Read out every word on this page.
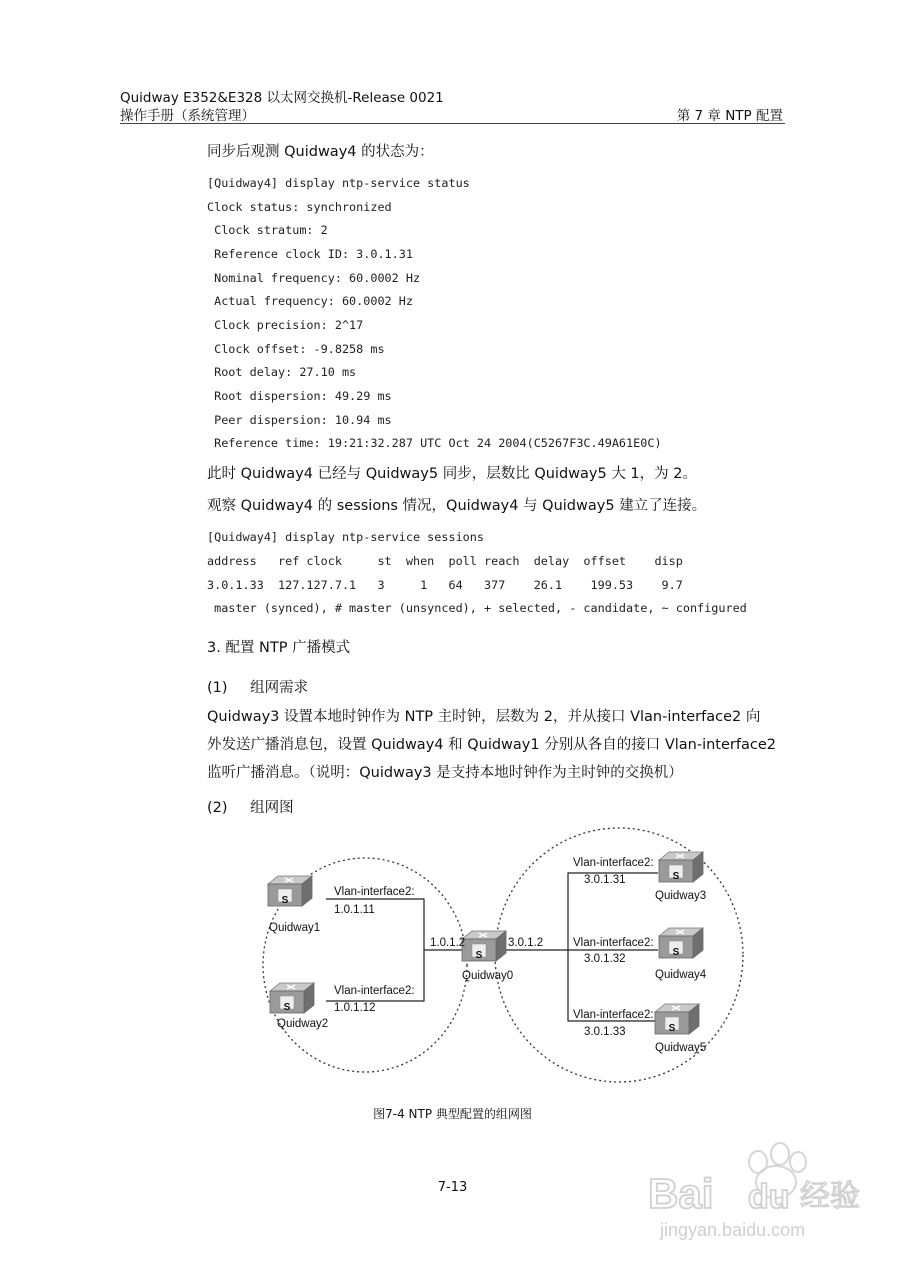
Quidway E352&E328 以太网交换机-Release 0021
操作手册（系统管理）	第 7 章 NTP 配置
同步后观测 Quidway4 的状态为：
[Quidway4] display ntp-service status
Clock status: synchronized
Clock stratum: 2
Reference clock ID: 3.0.1.31
Nominal frequency: 60.0002 Hz
Actual frequency: 60.0002 Hz
Clock precision: 2^17
Clock offset: -9.8258 ms
Root delay: 27.10 ms
Root dispersion: 49.29 ms
Peer dispersion: 10.94 ms
Reference time: 19:21:32.287 UTC Oct 24 2004(C5267F3C.49A61E0C)
此时 Quidway4 已经与 Quidway5 同步，层数比 Quidway5 大 1，为 2。
观察 Quidway4 的 sessions 情况，Quidway4 与 Quidway5 建立了连接。
[Quidway4] display ntp-service sessions
address   ref clock     st  when  poll reach  delay  offset    disp
3.0.1.33  127.127.7.1   3     1   64   377    26.1    199.53    9.7
master (synced), # master (unsynced), + selected, - candidate, ~ configured
3. 配置 NTP 广播模式
(1) 组网需求

Quidway3 设置本地时钟作为 NTP 主时钟，层数为 2，并从接口 Vlan-interface2 向

外发送广播消息包，设置 Quidway4 和 Quidway1 分别从各自的接口 Vlan-interface2

监听广播消息。（说明：Quidway3 是支持本地时钟作为主时钟的交换机）

(2) 组网图
S
S
S
S
S
S
Vlan-interface2:
1.0.1.11
Quidway1
Vlan-interface2:
1.0.1.12
Quidway2
1.0.1.2	3.0.1.2
Quidway0
Vlan-interface2:
3.0.1.31
Quidway3
Vlan-interface2:
3.0.1.32
Quidway4
Vlan-interface2:
3.0.1.33
Quidway5
图7-4 NTP 典型配置的组网图
7-13	Bai du 经验
jingyan.baidu.com
